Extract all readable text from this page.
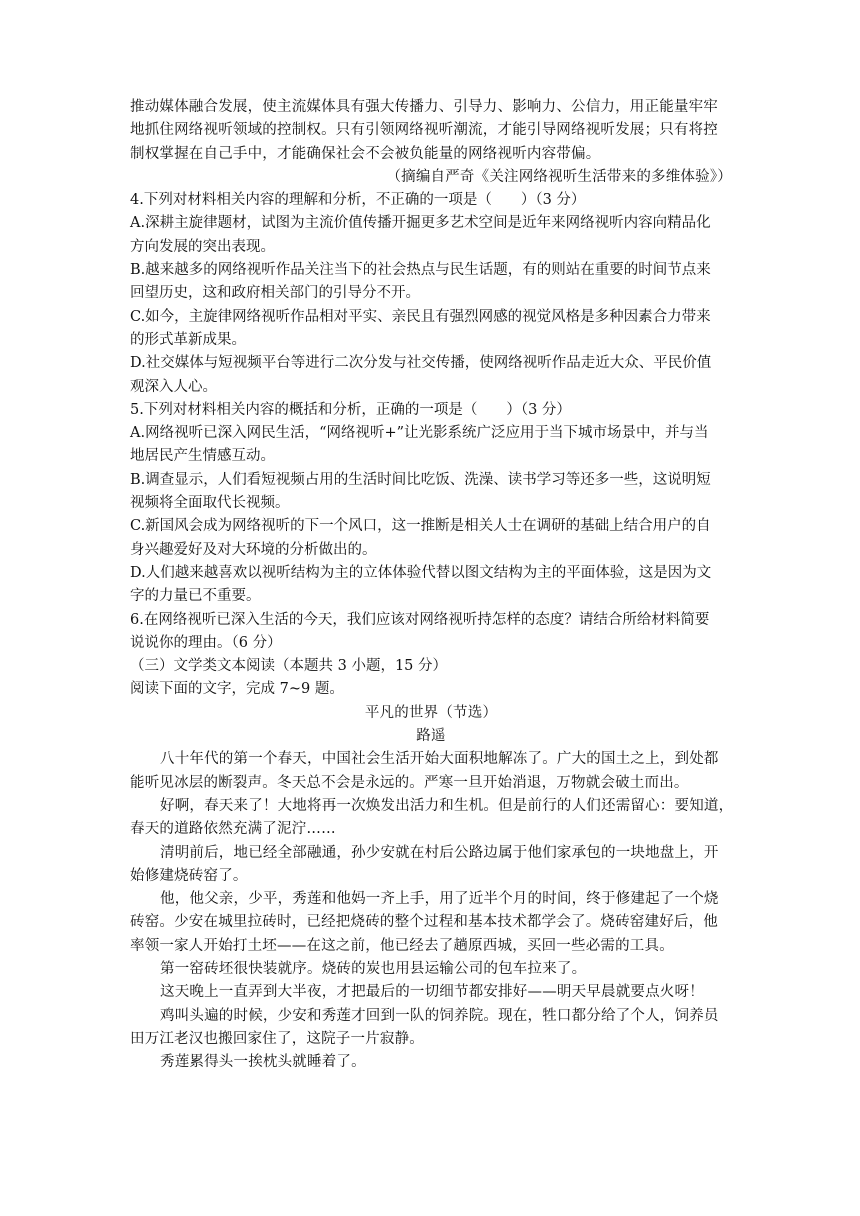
推动媒体融合发展，使主流媒体具有强大传播力、引导力、影响力、公信力，用正能量牢牢
地抓住网络视听领域的控制权。只有引领网络视听潮流，才能引导网络视听发展；只有将控
制权掌握在自己手中，才能确保社会不会被负能量的网络视听内容带偏。
（摘编自严奇《关注网络视听生活带来的多维体验》）
4.下列对材料相关内容的理解和分析，不正确的一项是（　　）（3 分）
A.深耕主旋律题材，试图为主流价值传播开掘更多艺术空间是近年来网络视听内容向精品化
方向发展的突出表现。
B.越来越多的网络视听作品关注当下的社会热点与民生话题，有的则站在重要的时间节点来
回望历史，这和政府相关部门的引导分不开。
C.如今，主旋律网络视听作品相对平实、亲民且有强烈网感的视觉风格是多种因素合力带来
的形式革新成果。
D.社交媒体与短视频平台等进行二次分发与社交传播，使网络视听作品走近大众、平民价值
观深入人心。
5.下列对材料相关内容的概括和分析，正确的一项是（　　）（3 分）
A.网络视听已深入网民生活，“网络视听+”让光影系统广泛应用于当下城市场景中，并与当
地居民产生情感互动。
B.调查显示，人们看短视频占用的生活时间比吃饭、洗澡、读书学习等还多一些，这说明短
视频将全面取代长视频。
C.新国风会成为网络视听的下一个风口，这一推断是相关人士在调研的基础上结合用户的自
身兴趣爱好及对大环境的分析做出的。
D.人们越来越喜欢以视听结构为主的立体体验代替以图文结构为主的平面体验，这是因为文
字的力量已不重要。
6.在网络视听已深入生活的今天，我们应该对网络视听持怎样的态度？请结合所给材料简要
说说你的理由。（6 分）
（三）文学类文本阅读（本题共 3 小题，15 分）
阅读下面的文字，完成 7~9 题。
平凡的世界（节选）
路遥
八十年代的第一个春天，中国社会生活开始大面积地解冻了。广大的国土之上，到处都
能听见冰层的断裂声。冬天总不会是永远的。严寒一旦开始消退，万物就会破土而出。
好啊，春天来了！大地将再一次焕发出活力和生机。但是前行的人们还需留心：要知道，
春天的道路依然充满了泥泞……
清明前后，地已经全部融通，孙少安就在村后公路边属于他们家承包的一块地盘上，开
始修建烧砖窑了。
他，他父亲，少平，秀莲和他妈一齐上手，用了近半个月的时间，终于修建起了一个烧
砖窑。少安在城里拉砖时，已经把烧砖的整个过程和基本技术都学会了。烧砖窑建好后，他
率领一家人开始打土坯——在这之前，他已经去了趟原西城，买回一些必需的工具。
第一窑砖坯很快装就序。烧砖的炭也用县运输公司的包车拉来了。
这天晚上一直弄到大半夜，才把最后的一切细节都安排好——明天早晨就要点火呀！
鸡叫头遍的时候，少安和秀莲才回到一队的饲养院。现在，牲口都分给了个人，饲养员
田万江老汉也搬回家住了，这院子一片寂静。
秀莲累得头一挨枕头就睡着了。
